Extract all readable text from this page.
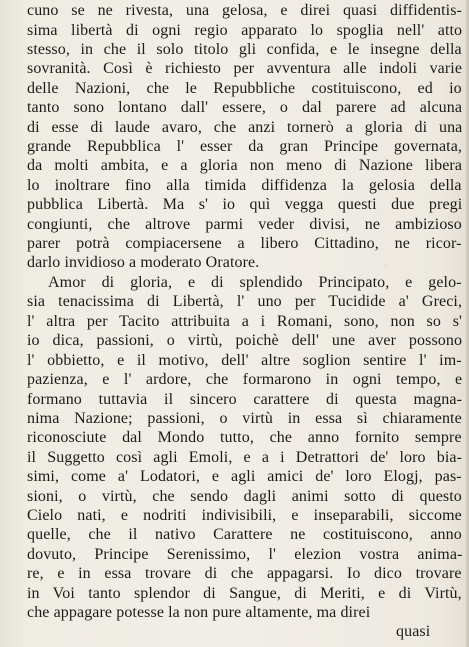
-
cuno se ne rivesta, una gelosa, e direi quasi diffidentis-
sima libertà di ogni regio apparato lo spoglia nell' atto
stesso, in che il solo titolo gli confida, e le insegne della
sovranità. Così è richiesto per avventura alle indoli varie
delle Nazioni, che le Repubbliche costituiscono, ed io
tanto sono lontano dall' essere, o dal parere ad alcuna
di esse di laude avaro, che anzi tornerò a gloria di una
grande Repubblica l' esser da gran Principe governata,
da molti ambita, e a gloria non meno di Nazione libera
lo inoltrare fino alla timida diffidenza la gelosia della
pubblica Libertà. Ma s' io quì vegga questi due pregi
congiunti, che altrove parmi veder divisi, ne ambizioso
parer potrà compiacersene a libero Cittadino, ne ricor-
darlo invidioso a moderato Oratore.
Amor di gloria, e di splendido Principato, e gelo-
sia tenacissima di Libertà, l' uno per Tucidide a' Greci,
l' altra per Tacito attribuita a i Romani, sono, non so s'
io dica, passioni, o virtù, poichè dell' une aver possono
l' obbietto, e il motivo, dell' altre soglion sentire l' im-
pazienza, e l' ardore, che formarono in ogni tempo, e
formano tuttavia il sincero carattere di questa magna-
nima Nazione; passioni, o virtù in essa sì chiaramente
riconosciute dal Mondo tutto, che anno fornito sempre
il Suggetto così agli Emoli, e a i Detrattori de' loro bia-
simi, come a' Lodatori, e agli amici de' loro Elogj, pas-
sioni, o virtù, che sendo dagli animi sotto di questo
Cielo nati, e nodriti indivisibili, e inseparabili, siccome
quelle, che il nativo Carattere ne costituiscono, anno
dovuto, Principe Serenissimo, l' elezion vostra anima-
re, e in essa trovare di che appagarsi. Io dico trovare
in Voi tanto splendor di Sangue, di Meriti, e di Virtù,
che appagare potesse la non pure altamente, ma direi
quasi
